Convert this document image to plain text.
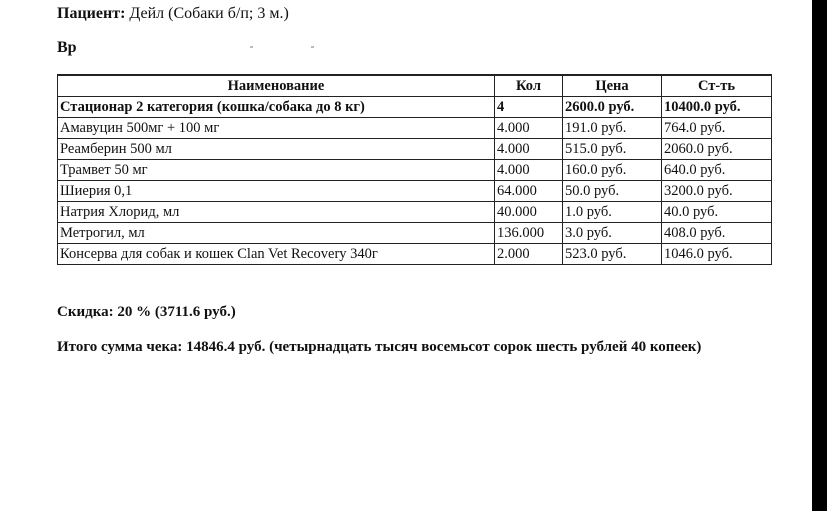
Пациент: Дейл (Собаки б/п; 3 м.)
Вр
Наименование	Кол	Цена	Ст-ть
Стационар 2 категория (кошка/собака до 8 кг)	4	2600.0 руб.	10400.0 руб.
Амавуцин 500мг + 100 мг	4.000	191.0 руб.	764.0 руб.
Реамберин 500 мл	4.000	515.0 руб.	2060.0 руб.
Трамвет 50 мг	4.000	160.0 руб.	640.0 руб.
Шиерия 0,1	64.000	50.0 руб.	3200.0 руб.
Натрия Хлорид, мл	40.000	1.0 руб.	40.0 руб.
Метрогил, мл	136.000	3.0 руб.	408.0 руб.
Консерва для собак и кошек Clan Vet Recovery 340г	2.000	523.0 руб.	1046.0 руб.
Скидка: 20 % (3711.6 руб.)
Итого сумма чека: 14846.4 руб. (четырнадцать тысяч восемьсот сорок шесть рублей 40 копеек)
